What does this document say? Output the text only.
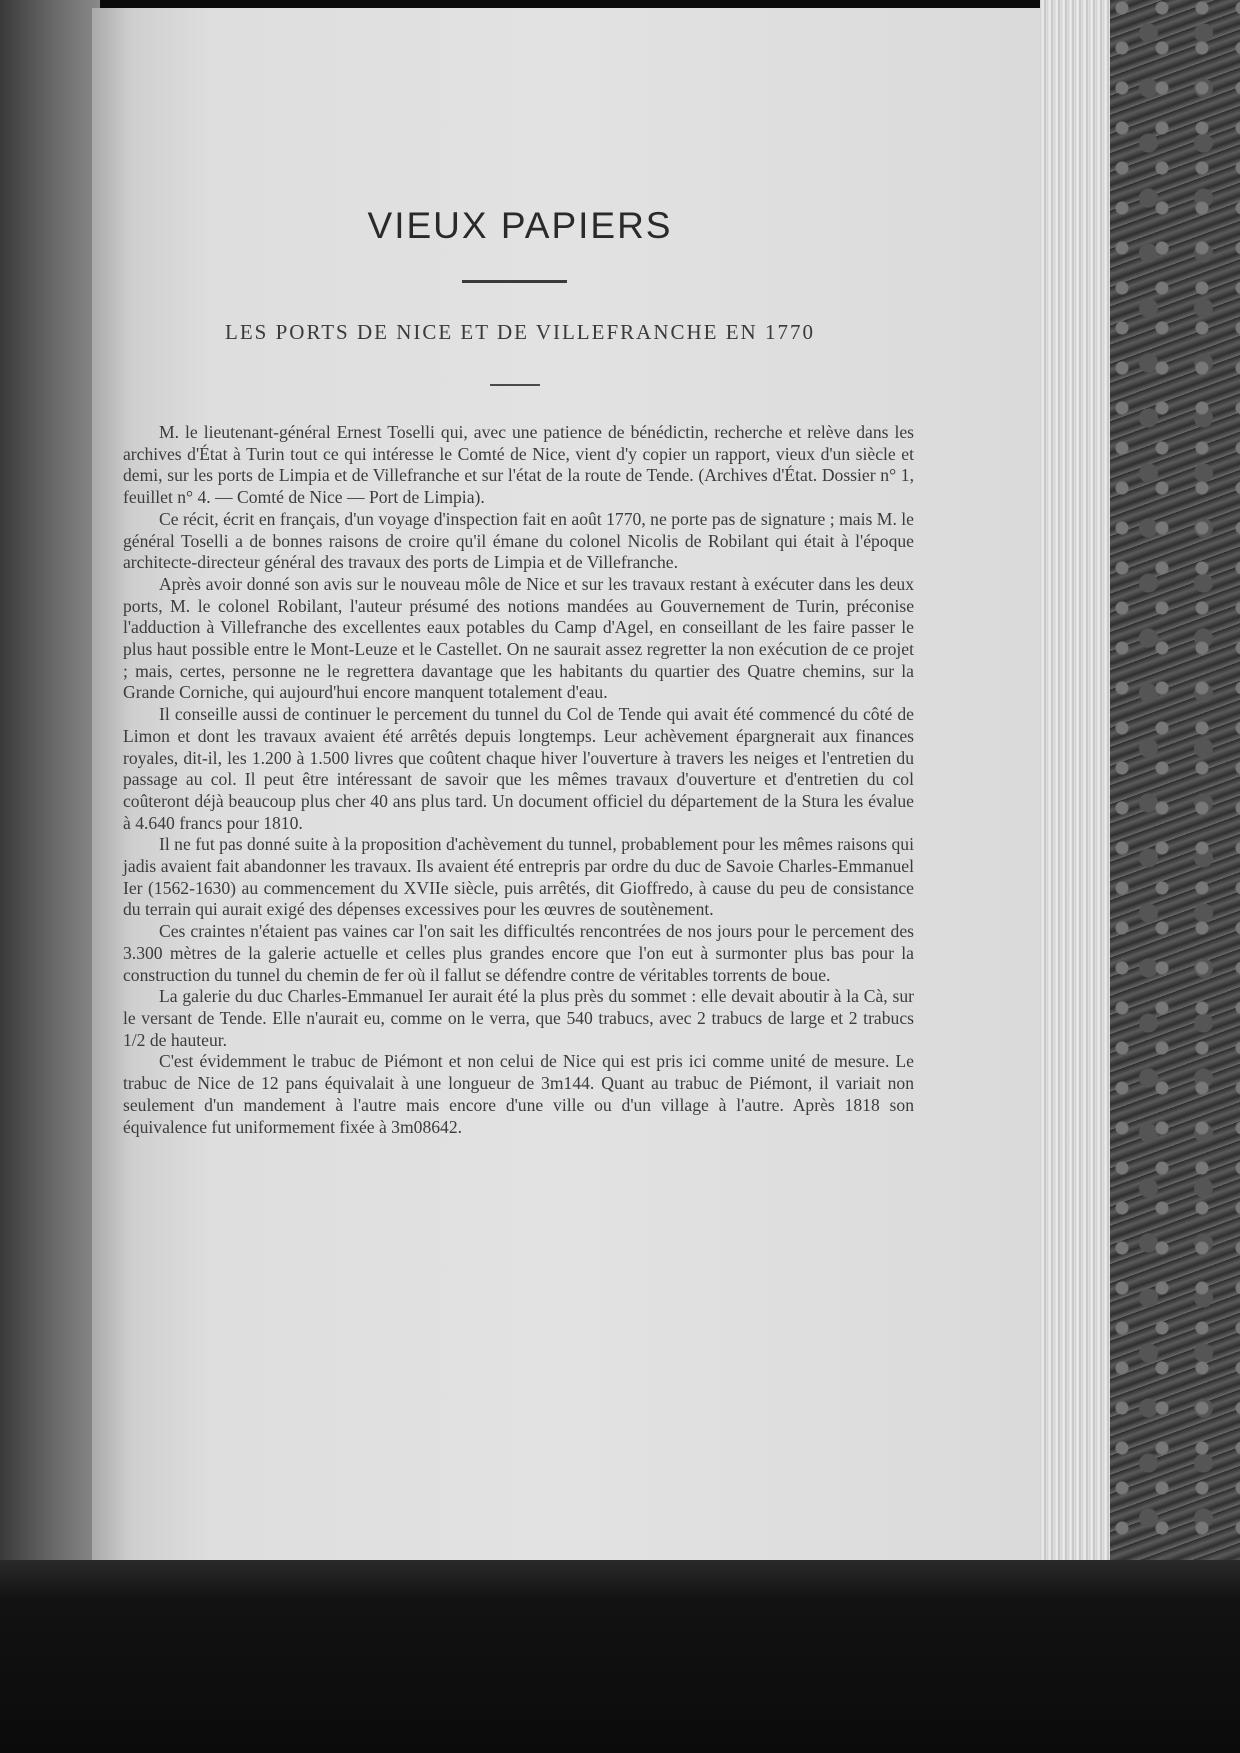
VIEUX PAPIERS
LES PORTS DE NICE ET DE VILLEFRANCHE EN 1770

M. le lieutenant-général Ernest Toselli qui, avec une patience de bénédictin, recherche et relève dans les archives d'État à Turin tout ce qui intéresse le Comté de Nice, vient d'y copier un rapport, vieux d'un siècle et demi, sur les ports de Limpia et de Villefranche et sur l'état de la route de Tende. (Archives d'État. Dossier n° 1, feuillet n° 4. — Comté de Nice — Port de Limpia).

Ce récit, écrit en français, d'un voyage d'inspection fait en août 1770, ne porte pas de signature ; mais M. le général Toselli a de bonnes raisons de croire qu'il émane du colonel Nicolis de Robilant qui était à l'époque architecte-directeur général des travaux des ports de Limpia et de Villefranche.

Après avoir donné son avis sur le nouveau môle de Nice et sur les travaux restant à exécuter dans les deux ports, M. le colonel Robilant, l'auteur présumé des notions mandées au Gouvernement de Turin, préconise l'adduction à Villefranche des excellentes eaux potables du Camp d'Agel, en conseillant de les faire passer le plus haut possible entre le Mont-Leuze et le Castellet. On ne saurait assez regretter la non exécution de ce projet ; mais, certes, personne ne le regrettera davantage que les habitants du quartier des Quatre chemins, sur la Grande Corniche, qui aujourd'hui encore manquent totalement d'eau.

Il conseille aussi de continuer le percement du tunnel du Col de Tende qui avait été commencé du côté de Limon et dont les travaux avaient été arrêtés depuis longtemps. Leur achèvement épargnerait aux finances royales, dit-il, les 1.200 à 1.500 livres que coûtent chaque hiver l'ouverture à travers les neiges et l'entretien du passage au col. Il peut être intéressant de savoir que les mêmes travaux d'ouverture et d'entretien du col coûteront déjà beaucoup plus cher 40 ans plus tard. Un document officiel du département de la Stura les évalue à 4.640 francs pour 1810.

Il ne fut pas donné suite à la proposition d'achèvement du tunnel, probablement pour les mêmes raisons qui jadis avaient fait abandonner les travaux. Ils avaient été entrepris par ordre du duc de Savoie Charles-Emmanuel Ier (1562-1630) au commencement du XVIIe siècle, puis arrêtés, dit Gioffredo, à cause du peu de consistance du terrain qui aurait exigé des dépenses excessives pour les œuvres de soutènement.

Ces craintes n'étaient pas vaines car l'on sait les difficultés rencontrées de nos jours pour le percement des 3.300 mètres de la galerie actuelle et celles plus grandes encore que l'on eut à surmonter plus bas pour la construction du tunnel du chemin de fer où il fallut se défendre contre de véritables torrents de boue.

La galerie du duc Charles-Emmanuel Ier aurait été la plus près du sommet : elle devait aboutir à la Cà, sur le versant de Tende. Elle n'aurait eu, comme on le verra, que 540 trabucs, avec 2 trabucs de large et 2 trabucs 1/2 de hauteur.

C'est évidemment le trabuc de Piémont et non celui de Nice qui est pris ici comme unité de mesure. Le trabuc de Nice de 12 pans équivalait à une longueur de 3m144. Quant au trabuc de Piémont, il variait non seulement d'un mandement à l'autre mais encore d'une ville ou d'un village à l'autre. Après 1818 son équivalence fut uniformement fixée à 3m08642.
